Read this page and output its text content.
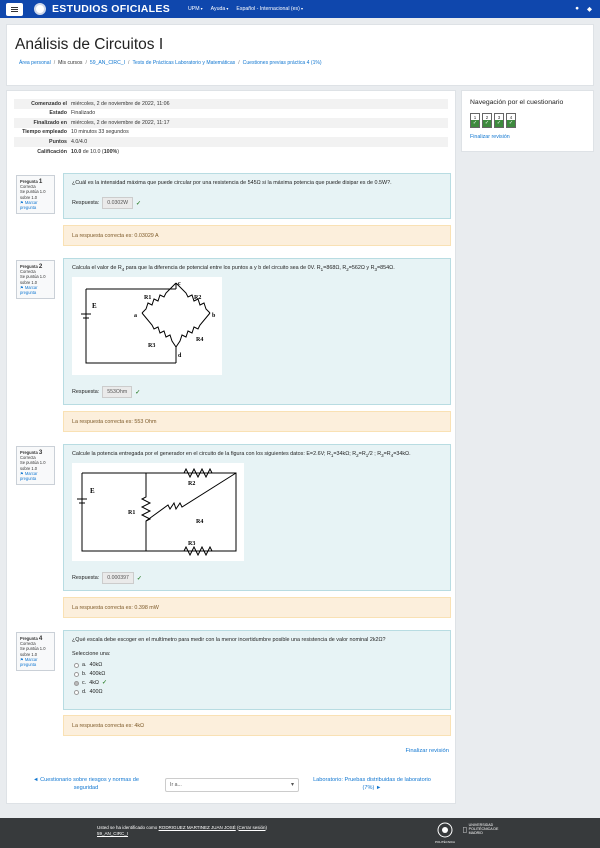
ESTUDIOS OFICIALES	UPM ▾	Ayuda ▾	Español - Internacional (es) ▾	● ◆
Análisis de Circuitos I
Área personal / Mis cursos / 59_AN_CIRC_I / Tests de Prácticas Laboratorio y Matemáticas / Cuestiones previas práctica 4 (1%)
Comenzado el	miércoles, 2 de noviembre de 2022, 11:06
Estado	Finalizado
Finalizado en	miércoles, 2 de noviembre de 2022, 11:17
Tiempo empleado	10 minutos 33 segundos
Puntos	4.0/4.0
Calificación	10.0 de 10.0 (100%)
Pregunta 1
Correcta
Se puntúa 1.0 sobre 1.0
⚑ Marcar pregunta
¿Cuál es la intensidad máxima que puede circular por una resistencia de 545Ω si la máxima potencia que puede disipar es de 0.5W?.
Respuesta:	0.0302W	✓
La respuesta correcta es: 0.03029 A
Pregunta 2
Correcta
Se puntúa 1.0 sobre 1.0
⚑ Marcar pregunta
Calcula el valor de $R_4$ para que la diferencia de potencial entre los puntos a y b del circuito sea de 0V. $R_1=868\Omega$, $R_2=562\Omega$ y $R_3=854\Omega$.
E
R1	R2
R3
R4
a	b
c
d
Respuesta:	553Ohm	✓
La respuesta correcta es: 553 Ohm
Pregunta 3
Correcta
Se puntúa 1.0 sobre 1.0
⚑ Marcar pregunta
Calcule la potencia entregada por el generador en el circuito de la figura con los siguientes datos: E=2.6V; $R_1=34k\Omega$; $R_2=R_1/2$ ; $R_3=R_4=34k\Omega$.
E
R1
R2
R3
R4
Respuesta:	0.000397	✓
La respuesta correcta es: 0.398 mW
Pregunta 4
Correcta
Se puntúa 1.0 sobre 1.0
⚑ Marcar pregunta
¿Qué escala debe escoger en el multímetro para medir con la menor incertidumbre posible una resistencia de valor nominal 2k2Ω?
Seleccione una:
a. 40kΩ
b. 400kΩ
c. 4kΩ ✓
d. 400Ω
La respuesta correcta es: 4kΩ
Finalizar revisión
◄ Cuestionario sobre riesgos y normas de seguridad	Ir a... ▾
Laboratorio: Pruebas distribuidas de laboratorio (7%) ►
Navegación por el cuestionario
1
✓
2
✓
3
✓
4
✓
Finalizar revisión
Usted se ha identificado como RODRIGUEZ MARTINEZ JUAN JOSÉ (Cerrar sesión)
59_AN_CIRC_I
POLITÉCNICA
UNIVERSIDAD POLITÉCNICA DE MADRID
